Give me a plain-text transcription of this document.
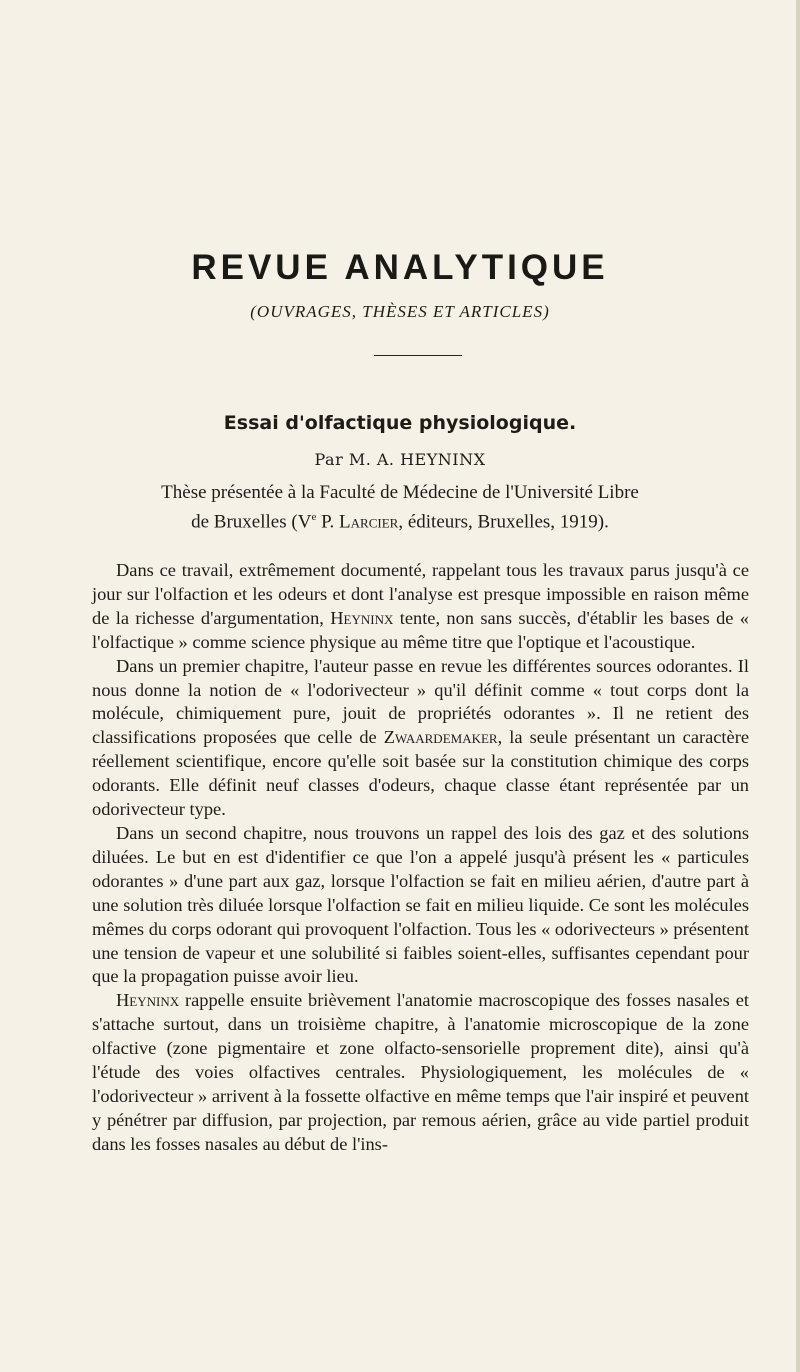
REVUE ANALYTIQUE
(OUVRAGES, THÈSES ET ARTICLES)
Essai d'olfactique physiologique.
Par M. A. HEYNINX
Thèse présentée à la Faculté de Médecine de l'Université Libre
de Bruxelles (Ve P. Larcier, éditeurs, Bruxelles, 1919).

Dans ce travail, extrêmement documenté, rappelant tous les travaux parus jusqu'à ce jour sur l'olfaction et les odeurs et dont l'analyse est presque impossible en raison même de la richesse d'argumentation, Heyninx tente, non sans succès, d'établir les bases de « l'olfactique » comme science physique au même titre que l'optique et l'acoustique.

Dans un premier chapitre, l'auteur passe en revue les différentes sources odorantes. Il nous donne la notion de « l'odorivecteur » qu'il définit comme « tout corps dont la molécule, chimiquement pure, jouit de propriétés odorantes ». Il ne retient des classifications proposées que celle de Zwaardemaker, la seule présentant un caractère réellement scientifique, encore qu'elle soit basée sur la constitution chimique des corps odorants. Elle définit neuf classes d'odeurs, chaque classe étant représentée par un odorivecteur type.

Dans un second chapitre, nous trouvons un rappel des lois des gaz et des solutions diluées. Le but en est d'identifier ce que l'on a appelé jusqu'à présent les « particules odorantes » d'une part aux gaz, lorsque l'olfaction se fait en milieu aérien, d'autre part à une solution très diluée lorsque l'olfaction se fait en milieu liquide. Ce sont les molécules mêmes du corps odorant qui provoquent l'olfaction. Tous les « odorivecteurs » présentent une tension de vapeur et une solubilité si faibles soient-elles, suffisantes cependant pour que la propagation puisse avoir lieu.

Heyninx rappelle ensuite brièvement l'anatomie macroscopique des fosses nasales et s'attache surtout, dans un troisième chapitre, à l'anatomie microscopique de la zone olfactive (zone pigmentaire et zone olfacto-sensorielle proprement dite), ainsi qu'à l'étude des voies olfactives centrales. Physiologiquement, les molécules de « l'odorivecteur » arrivent à la fossette olfactive en même temps que l'air inspiré et peuvent y pénétrer par diffusion, par projection, par remous aérien, grâce au vide partiel produit dans les fosses nasales au début de l'ins-
